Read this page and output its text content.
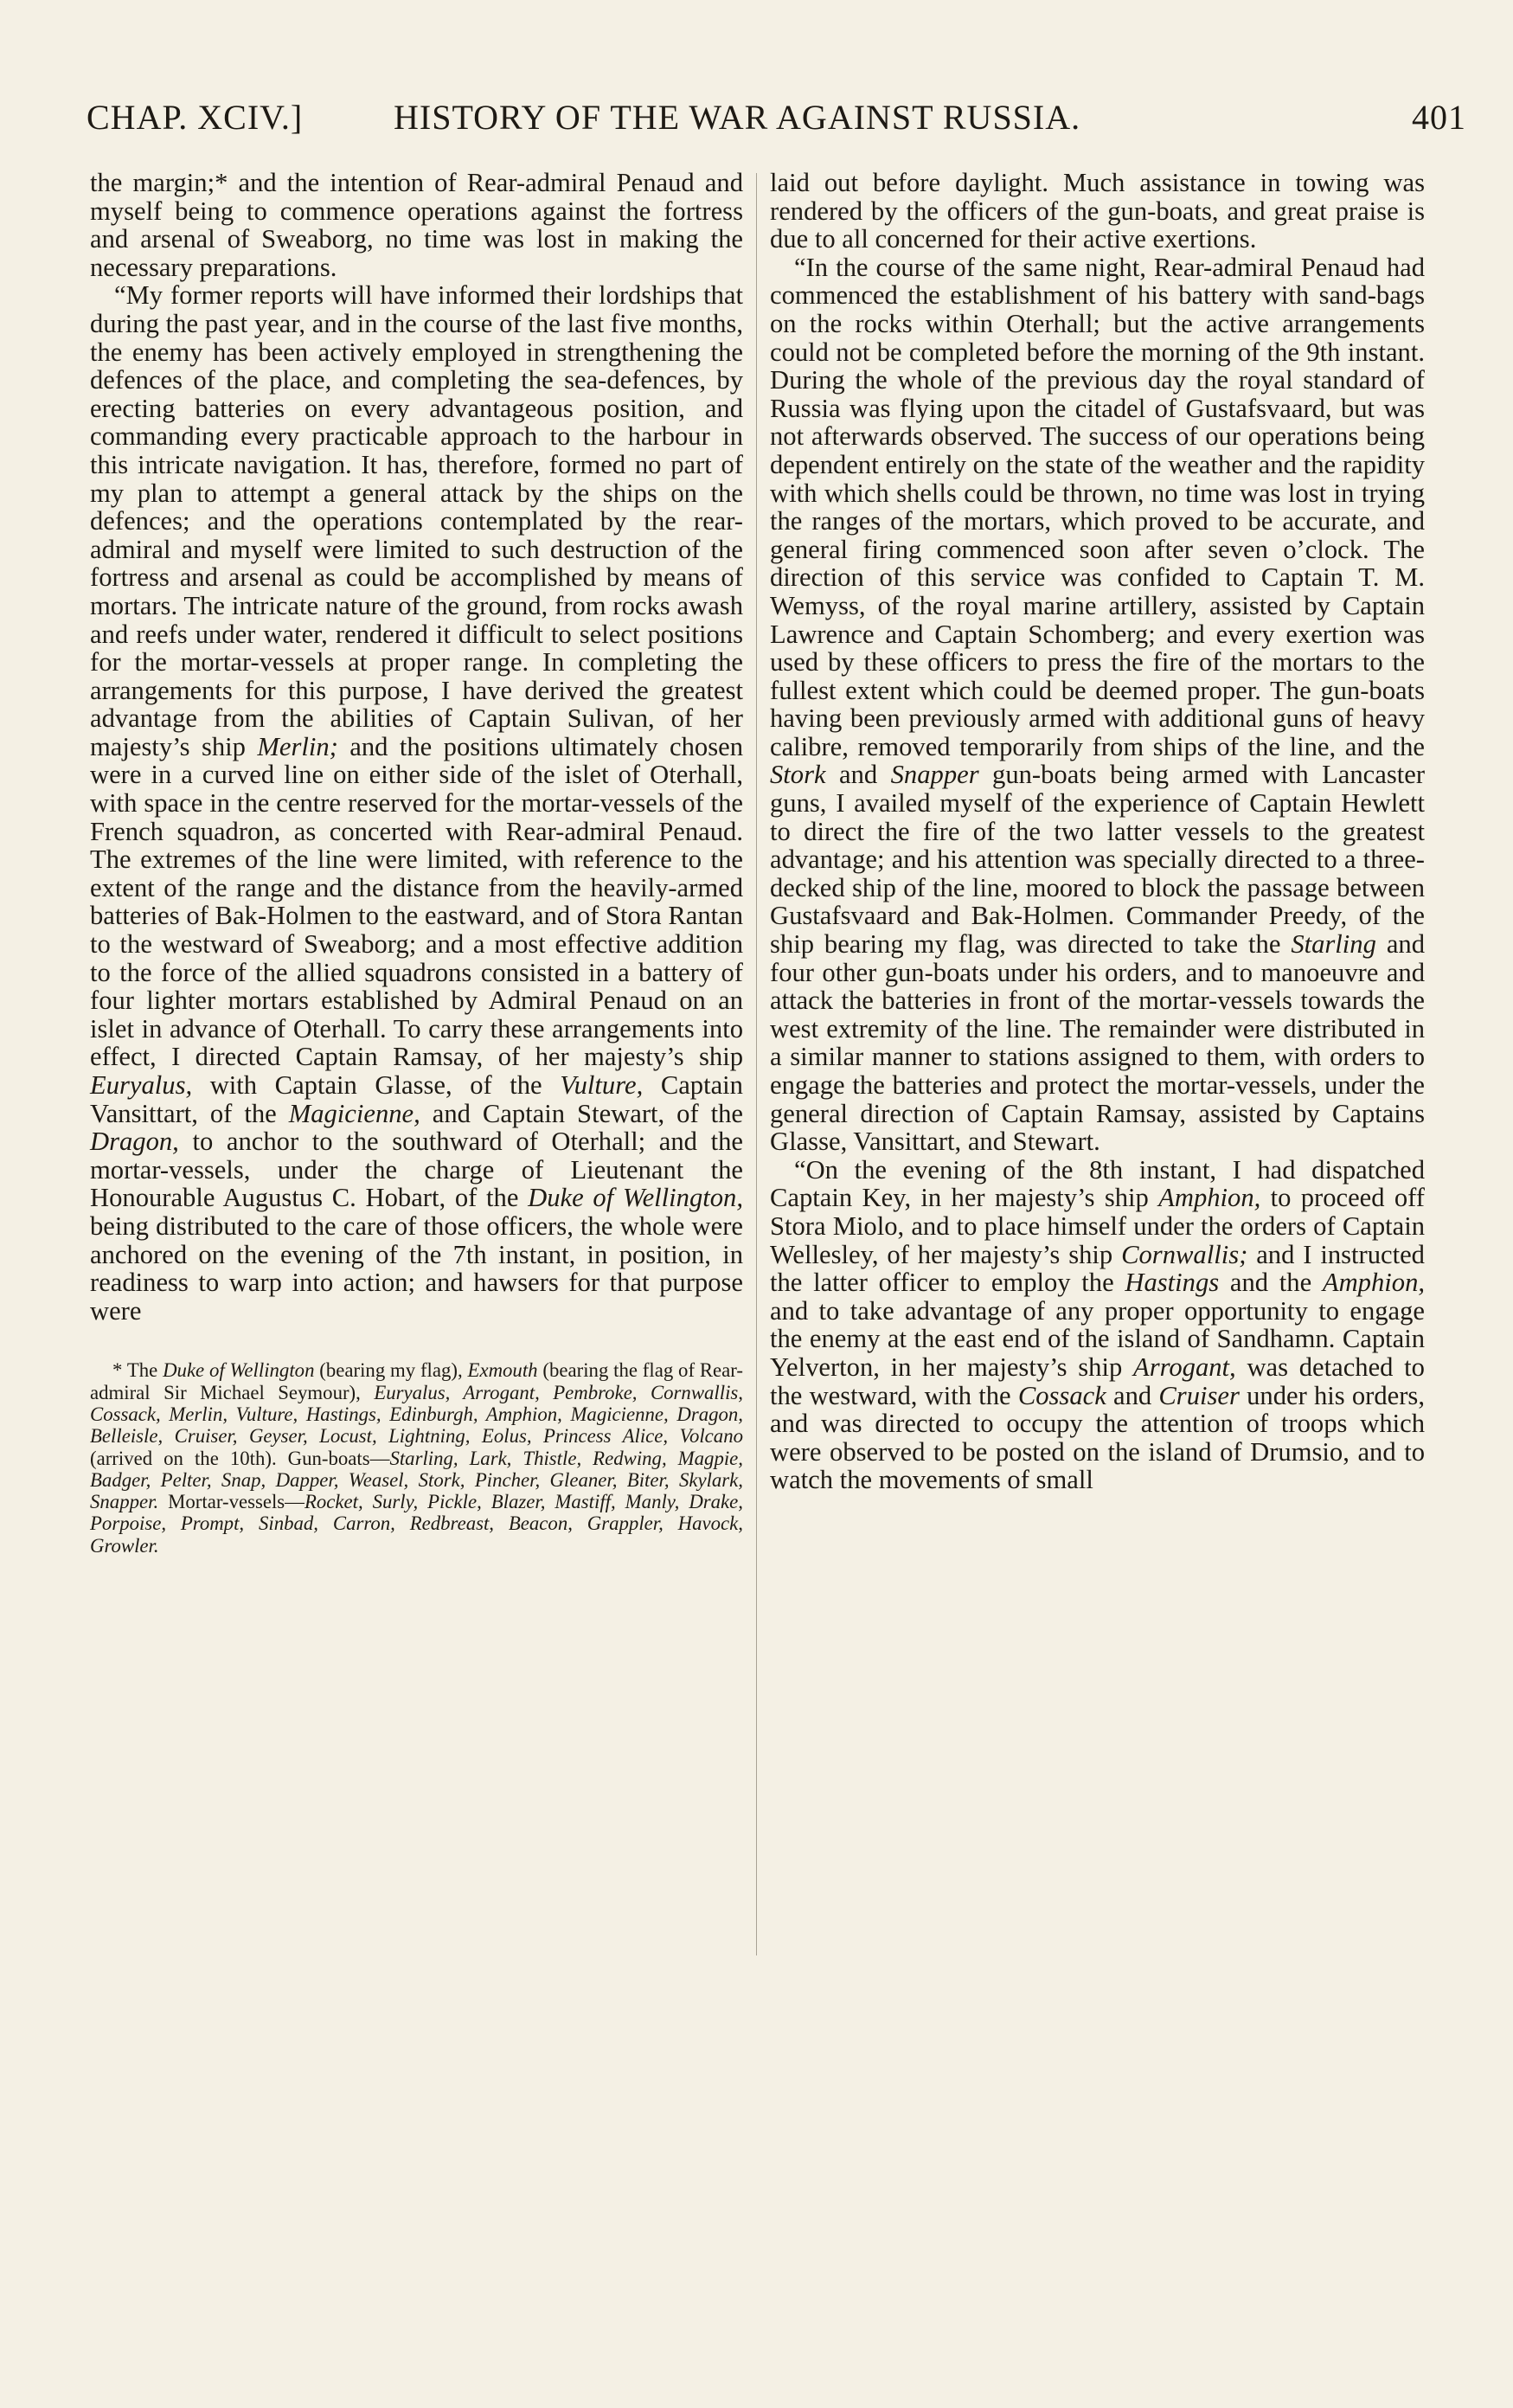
CHAP. XCIV.]	HISTORY OF THE WAR AGAINST RUSSIA.	401

the margin;* and the intention of Rear-admiral Penaud and myself being to commence operations against the fortress and arsenal of Sweaborg, no time was lost in making the necessary preparations.

“My former reports will have informed their lordships that during the past year, and in the course of the last five months, the enemy has been actively employed in strengthening the defences of the place, and completing the sea-defences, by erecting batteries on every advantageous position, and commanding every practicable approach to the harbour in this intricate navigation. It has, therefore, formed no part of my plan to attempt a general attack by the ships on the defences; and the operations contemplated by the rear-admiral and myself were limited to such destruction of the fortress and arsenal as could be accomplished by means of mortars. The intricate nature of the ground, from rocks awash and reefs under water, rendered it difficult to select positions for the mortar-vessels at proper range. In completing the arrangements for this purpose, I have derived the greatest advantage from the abilities of Captain Sulivan, of her majesty’s ship Merlin; and the positions ultimately chosen were in a curved line on either side of the islet of Oterhall, with space in the centre reserved for the mortar-vessels of the French squadron, as concerted with Rear-admiral Penaud. The extremes of the line were limited, with reference to the extent of the range and the distance from the heavily-armed batteries of Bak-Holmen to the eastward, and of Stora Rantan to the westward of Sweaborg; and a most effective addition to the force of the allied squadrons consisted in a battery of four lighter mortars established by Admiral Penaud on an islet in advance of Oterhall. To carry these arrangements into effect, I directed Captain Ramsay, of her majesty’s ship Euryalus, with Captain Glasse, of the Vulture, Captain Vansittart, of the Magicienne, and Captain Stewart, of the Dragon, to anchor to the southward of Oterhall; and the mortar-vessels, under the charge of Lieutenant the Honourable Augustus C. Hobart, of the Duke of Wellington, being distributed to the care of those officers, the whole were anchored on the evening of the 7th instant, in position, in readiness to warp into action; and hawsers for that purpose were

* The Duke of Wellington (bearing my flag), Exmouth (bearing the flag of Rear-admiral Sir Michael Seymour), Euryalus, Arrogant, Pembroke, Cornwallis, Cossack, Merlin, Vulture, Hastings, Edinburgh, Amphion, Magicienne, Dragon, Belleisle, Cruiser, Geyser, Locust, Lightning, Eolus, Princess Alice, Volcano (arrived on the 10th). Gun-boats—Starling, Lark, Thistle, Redwing, Magpie, Badger, Pelter, Snap, Dapper, Weasel, Stork, Pincher, Gleaner, Biter, Skylark, Snapper. Mortar-vessels—Rocket, Surly, Pickle, Blazer, Mastiff, Manly, Drake, Porpoise, Prompt, Sinbad, Carron, Redbreast, Beacon, Grappler, Havock, Growler.

laid out before daylight. Much assistance in towing was rendered by the officers of the gun-boats, and great praise is due to all concerned for their active exertions.

“In the course of the same night, Rear-admiral Penaud had commenced the establishment of his battery with sand-bags on the rocks within Oterhall; but the active arrangements could not be completed before the morning of the 9th instant. During the whole of the previous day the royal standard of Russia was flying upon the citadel of Gustafsvaard, but was not afterwards observed. The success of our operations being dependent entirely on the state of the weather and the rapidity with which shells could be thrown, no time was lost in trying the ranges of the mortars, which proved to be accurate, and general firing commenced soon after seven o’clock. The direction of this service was confided to Captain T. M. Wemyss, of the royal marine artillery, assisted by Captain Lawrence and Captain Schomberg; and every exertion was used by these officers to press the fire of the mortars to the fullest extent which could be deemed proper. The gun-boats having been previously armed with additional guns of heavy calibre, removed temporarily from ships of the line, and the Stork and Snapper gun-boats being armed with Lancaster guns, I availed myself of the experience of Captain Hewlett to direct the fire of the two latter vessels to the greatest advantage; and his attention was specially directed to a three-decked ship of the line, moored to block the passage between Gustafsvaard and Bak-Holmen. Commander Preedy, of the ship bearing my flag, was directed to take the Starling and four other gun-boats under his orders, and to manoeuvre and attack the batteries in front of the mortar-vessels towards the west extremity of the line. The remainder were distributed in a similar manner to stations assigned to them, with orders to engage the batteries and protect the mortar-vessels, under the general direction of Captain Ramsay, assisted by Captains Glasse, Vansittart, and Stewart.

“On the evening of the 8th instant, I had dispatched Captain Key, in her majesty’s ship Amphion, to proceed off Stora Miolo, and to place himself under the orders of Captain Wellesley, of her majesty’s ship Cornwallis; and I instructed the latter officer to employ the Hastings and the Amphion, and to take advantage of any proper opportunity to engage the enemy at the east end of the island of Sandhamn. Captain Yelverton, in her majesty’s ship Arrogant, was detached to the westward, with the Cossack and Cruiser under his orders, and was directed to occupy the attention of troops which were observed to be posted on the island of Drumsio, and to watch the movements of small
